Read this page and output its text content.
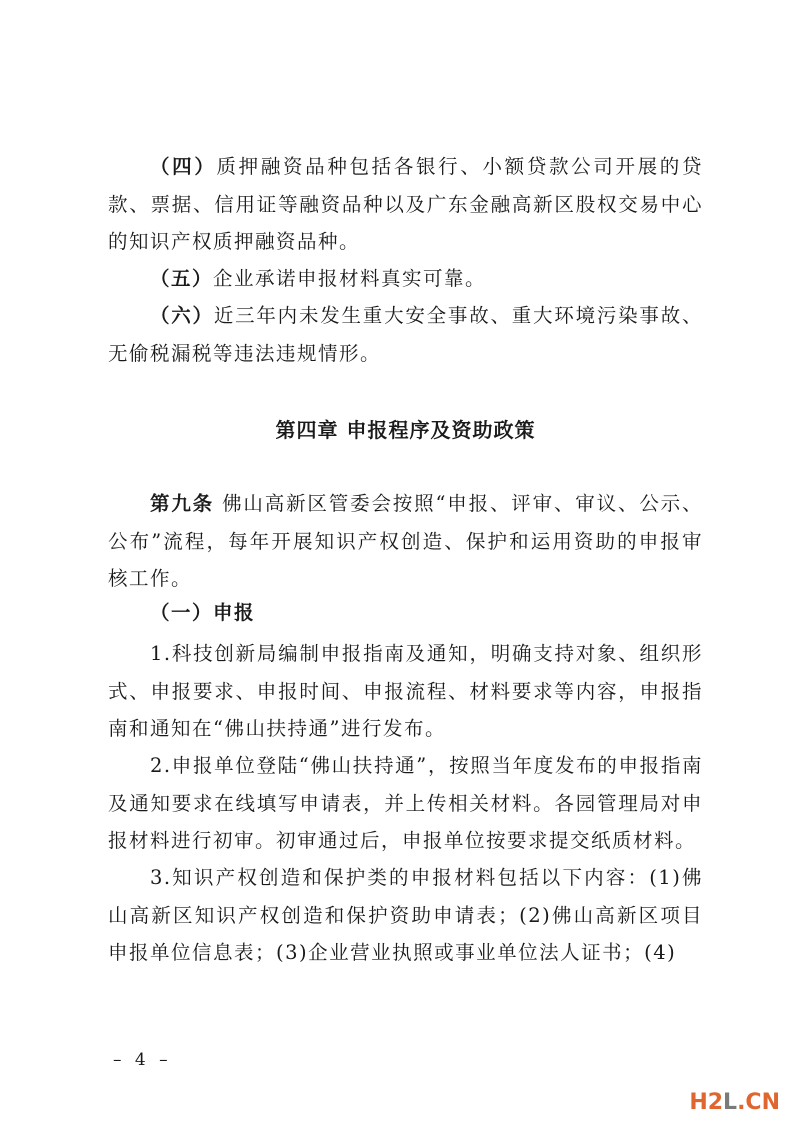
（四）质押融资品种包括各银行、小额贷款公司开展的贷款、票据、信用证等融资品种以及广东金融高新区股权交易中心的知识产权质押融资品种。

（五）企业承诺申报材料真实可靠。

（六）近三年内未发生重大安全事故、重大环境污染事故、无偷税漏税等违法违规情形。

第四章 申报程序及资助政策

第九条 佛山高新区管委会按照“申报、评审、审议、公示、公布”流程，每年开展知识产权创造、保护和运用资助的申报审核工作。

（一）申报

1.科技创新局编制申报指南及通知，明确支持对象、组织形式、申报要求、申报时间、申报流程、材料要求等内容，申报指南和通知在“佛山扶持通”进行发布。

2.申报单位登陆“佛山扶持通”，按照当年度发布的申报指南及通知要求在线填写申请表，并上传相关材料。各园管理局对申报材料进行初审。初审通过后，申报单位按要求提交纸质材料。

3.知识产权创造和保护类的申报材料包括以下内容：(1)佛山高新区知识产权创造和保护资助申请表；(2)佛山高新区项目申报单位信息表；(3)企业营业执照或事业单位法人证书；(4)

– 4 –
H2L.CN
